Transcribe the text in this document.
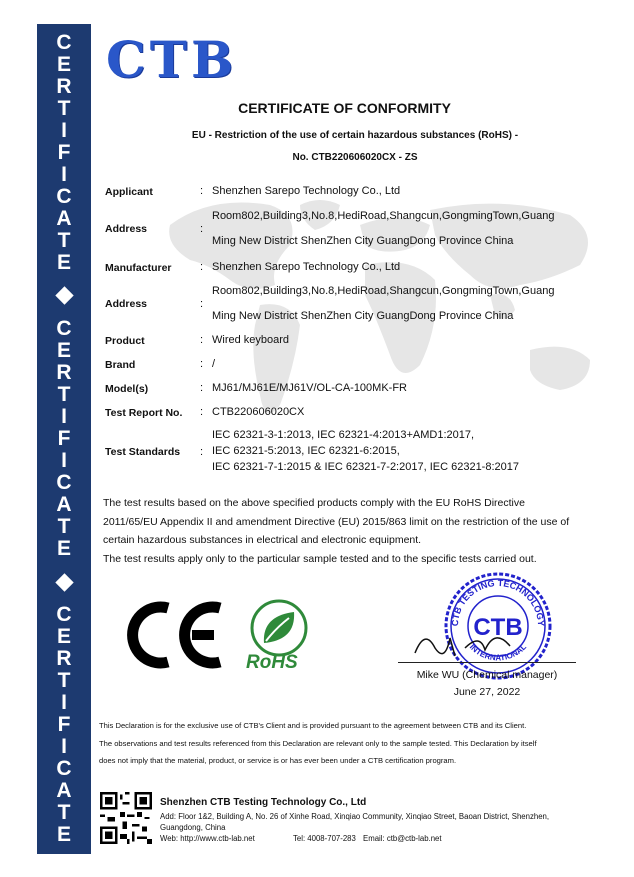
C
E
R
T
I
F
I
C
A
T
E
C
E
R
T
I
F
I
C
A
T
E
C
E
R
T
I
F
I
C
A
T
E
CTB
CERTIFICATE OF CONFORMITY
EU - Restriction of the use of certain hazardous substances (RoHS) -
No. CTB220606020CX - ZS
Applicant	: Shenzhen Sarepo Technology Co., Ltd
Address	:
Room802,Building3,No.8,HediRoad,Shangcun,GongmingTown,Guang
Ming New District ShenZhen City GuangDong Province China
Manufacturer	: Shenzhen Sarepo Technology Co., Ltd
Address	:
Room802,Building3,No.8,HediRoad,Shangcun,GongmingTown,Guang
Ming New District ShenZhen City GuangDong Province China
Product	: Wired keyboard
Brand	: /
Model(s)	: MJ61/MJ61E/MJ61V/OL-CA-100MK-FR
Test Report No. : CTB220606020CX
Test Standards :
IEC 62321-3-1:2013, IEC 62321-4:2013+AMD1:2017,
IEC 62321-5:2013, IEC 62321-6:2015,
IEC 62321-7-1:2015 & IEC 62321-7-2:2017, IEC 62321-8:2017
The test results based on the above specified products comply with the EU RoHS Directive
2011/65/EU Appendix II and amendment Directive (EU) 2015/863 limit on the restriction of the use of
certain hazardous substances in electrical and electronic equipment.
The test results apply only to the particular sample tested and to the specific tests carried out.
RoHS
CTB TESTING TECHNOLOGY
INTERNATIONAL
CTB
Mike WU (Chemical manager)
June 27, 2022
This Declaration is for the exclusive use of CTB's Client and is provided pursuant to the agreement between CTB and its Client.
The observations and test results referenced from this Declaration are relevant only to the sample tested. This Declaration by itself
does not imply that the material, product, or service is or has ever been under a CTB certification program.
Shenzhen CTB Testing Technology Co., Ltd
Add: Floor 1&2, Building A, No. 26 of Xinhe Road, Xinqiao Community, Xinqiao Street, Baoan District, Shenzhen,
Guangdong, China
Web: http://www.ctb-lab.net	Tel: 4008-707-283 Email: ctb@ctb-lab.net
